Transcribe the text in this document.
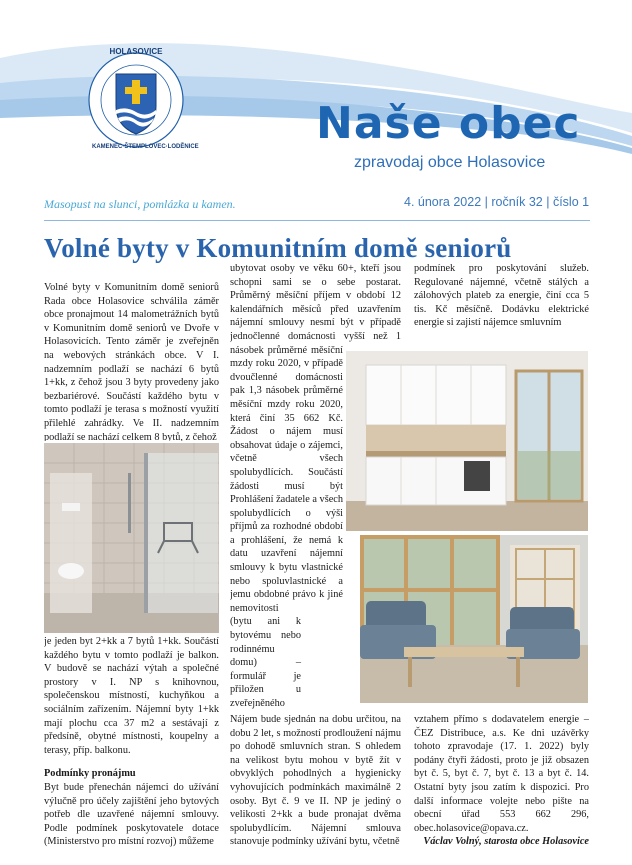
HOLASOVICE
KAMENEC·ŠTEMPLOVEC·LODĚNICE	Naše obec
zpravodaj obce Holasovice
Masopust na slunci, pomlázka u kamen.	4. února 2022 | ročník 32 | číslo 1
Volné byty v Komunitním domě seniorů

Volné byty v Komunitním domě seniorů Rada obce Holasovice schválila záměr obce pronajmout 14 malometrážních bytů v Komunitním domě seniorů ve Dvoře v Holasovicích. Tento záměr je zveřejněn na webových stránkách obce. V I. nadzemním podlaží se nachází 6 bytů 1+kk, z čehož jsou 3 byty provedeny jako bezbariérové. Součástí každého bytu v tomto podlaží je terasa s možností využití přilehlé zahrádky. Ve II. nadzemním podlaží se nachází celkem 8 bytů, z čehož

je jeden byt 2+kk a 7 bytů 1+kk. Součástí každého bytu v tomto podlaží je balkon. V budově se nachází výtah a společné prostory v I. NP s knihovnou, společenskou místností, kuchyňkou a sociálním zařízením. Nájemní byty 1+kk mají plochu cca 37 m2 a sestávají z předsíně, obytné místnosti, koupelny a terasy, příp. balkonu.

Podmínky pronájmu

Byt bude přenechán nájemci do užívání výlučně pro účely zajištění jeho bytových potřeb dle uzavřené nájemní smlouvy. Podle podmínek poskytovatele dotace (Ministerstvo pro místní rozvoj) můžeme

ubytovat osoby ve věku 60+, kteří jsou schopni sami se o sebe postarat. Průměrný měsíční příjem v období 12 kalendářních měsíců před uzavřením nájemní smlouvy nesmí být v případě jednočlenné domácnosti vyšší než 1 násobek průměrné měsíční mzdy roku 2020, v případě dvoučlenné domácnosti pak 1,3 násobek průměrné měsíční mzdy roku 2020, která činí 35 662 Kč. Žádost o nájem musí obsahovat údaje o zájemci, včetně všech spolubydlících. Součástí žádosti musí být Prohlášení žadatele a všech spolubydlících o výši příjmů za rozhodné období a prohlášení, že nemá k datu uzavření nájemní smlouvy k bytu vlastnické nebo spoluvlastnické a jemu obdobné právo k jiné nemovitosti (bytu ani k bytovému nebo rodinnému domu) – formulář je přiložen u zveřejněného

podmínek pro poskytování služeb. Regulované nájemné, včetně stálých a zálohových plateb za energie, činí cca 5 tis. Kč měsíčně. Dodávku elektrické energie si zajistí nájemce smluvním

Nájem bude sjednán na dobu určitou, na dobu 2 let, s možností prodloužení nájmu po dohodě smluvních stran. S ohledem na velikost bytu mohou v bytě žít v obvyklých pohodlných a hygienicky vyhovujících podmínkách maximálně 2 osoby. Byt č. 9 ve II. NP je jediný o velikosti 2+kk a bude pronajat dvěma spolubydlícím. Nájemní smlouva stanovuje podmínky užívání bytu, včetně

vztahem přímo s dodavatelem energie – ČEZ Distribuce, a.s. Ke dni uzávěrky tohoto zpravodaje (17. 1. 2022) byly podány čtyři žádosti, proto je již obsazen byt č. 5, byt č. 7, byt č. 13 a byt č. 14. Ostatní byty jsou zatím k dispozici. Pro další informace volejte nebo pište na obecní úřad 553 662 296, obec.holasovice@opava.cz.

Václav Volný, starosta obce Holasovice
